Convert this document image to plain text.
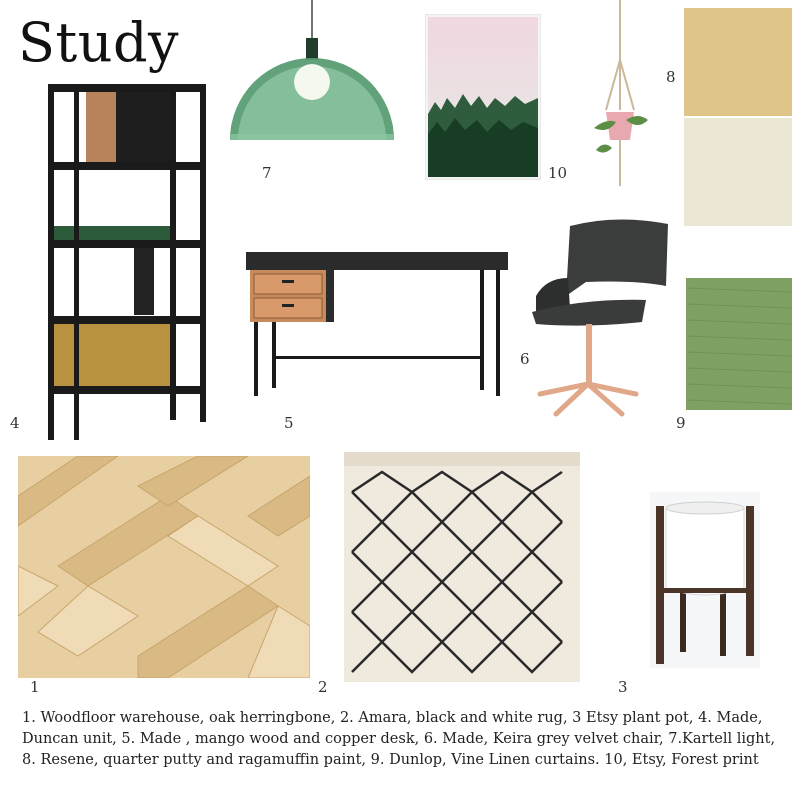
Study
4
7	10
8
5
6
9
1	2	3
1. Woodfloor warehouse, oak herringbone, 2. Amara, black and white rug, 3 Etsy plant pot, 4. Made, Duncan unit, 5. Made , mango wood and copper desk, 6. Made, Keira grey velvet chair, 7.Kartell light, 8. Resene, quarter putty and ragamuffin paint, 9. Dunlop, Vine Linen curtains. 10, Etsy, Forest print
